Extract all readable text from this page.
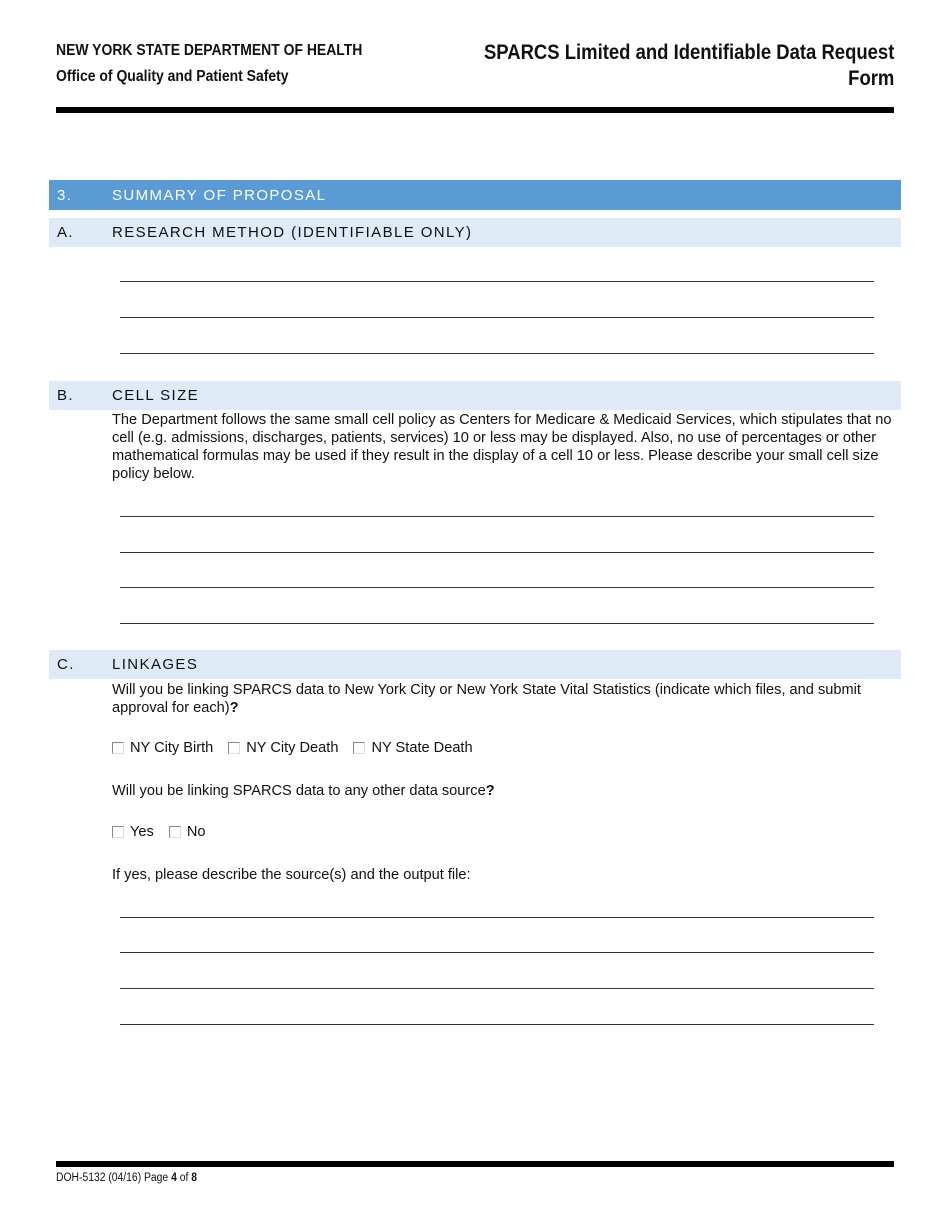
NEW YORK STATE DEPARTMENT OF HEALTH
Office of Quality and Patient Safety
SPARCS Limited and Identifiable Data Request
Form
3.	SUMMARY OF PROPOSAL
A.	RESEARCH METHOD (IDENTIFIABLE ONLY)
B.	CELL SIZE
The Department follows the same small cell policy as Centers for Medicare & Medicaid Services, which stipulates that no cell (e.g. admissions, discharges, patients, services) 10 or less may be displayed. Also, no use of percentages or other mathematical formulas may be used if they result in the display of a cell 10 or less. Please describe your small cell size policy below.
C. LINKAGES
Will you be linking SPARCS data to New York City or New York State Vital Statistics (indicate which files, and submit approval for each)?
NY City Birth NY City Death NY State Death
Will you be linking SPARCS data to any other data source?
Yes No
If yes, please describe the source(s) and the output file:
DOH-5132 (04/16) Page 4 of 8
